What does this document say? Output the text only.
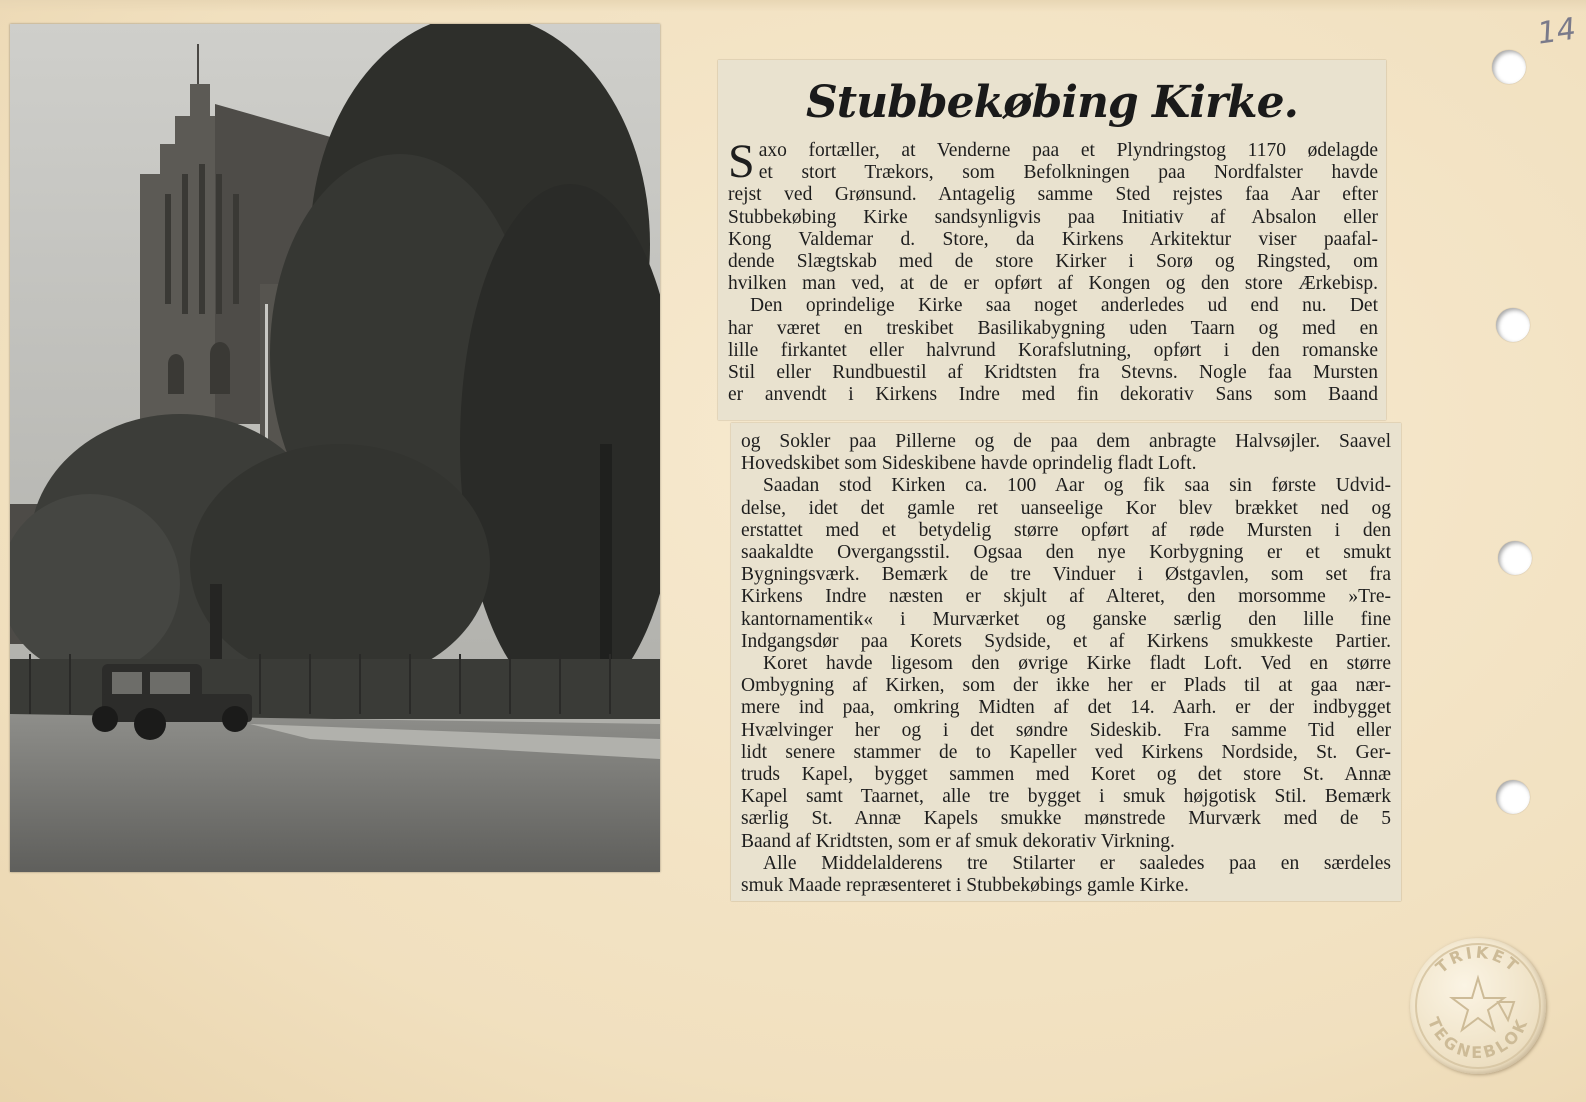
14
Stubbekøbing Kirke.
S axo fortæller, at Venderne paa et Plyndringstog 1170 ødelagde
et stort Trækors, som Befolkningen paa Nordfalster havde
rejst ved Grønsund. Antagelig samme Sted rejstes faa Aar efter
Stubbekøbing Kirke sandsynligvis paa Initiativ af Absalon eller
Kong Valdemar d. Store, da Kirkens Arkitektur viser paafal-
dende Slægtskab med de store Kirker i Sorø og Ringsted, om
hvilken man ved, at de er opført af Kongen og den store Ærkebisp.
Den oprindelige Kirke saa noget anderledes ud end nu. Det
har været en treskibet Basilikabygning uden Taarn og med en
lille firkantet eller halvrund Korafslutning, opført i den romanske
Stil eller Rundbuestil af Kridtsten fra Stevns. Nogle faa Mursten
er anvendt i Kirkens Indre med fin dekorativ Sans som Baand
og Sokler paa Pillerne og de paa dem anbragte Halvsøjler. Saavel
Hovedskibet som Sideskibene havde oprindelig fladt Loft.
Saadan stod Kirken ca. 100 Aar og fik saa sin første Udvid-
delse, idet det gamle ret uanseelige Kor blev brækket ned og
erstattet med et betydelig større opført af røde Mursten i den
saakaldte Overgangsstil. Ogsaa den nye Korbygning er et smukt
Bygningsværk. Bemærk de tre Vinduer i Østgavlen, som set fra
Kirkens Indre næsten er skjult af Alteret, den morsomme »Tre-
kantornamentik« i Murværket og ganske særlig den lille fine
Indgangsdør paa Korets Sydside, et af Kirkens smukkeste Partier.
Koret havde ligesom den øvrige Kirke fladt Loft. Ved en større
Ombygning af Kirken, som der ikke her er Plads til at gaa nær-
mere ind paa, omkring Midten af det 14. Aarh. er der indbygget
Hvælvinger her og i det søndre Sideskib. Fra samme Tid eller
lidt senere stammer de to Kapeller ved Kirkens Nordside, St. Ger-
truds Kapel, bygget sammen med Koret og det store St. Annæ
Kapel samt Taarnet, alle tre bygget i smuk højgotisk Stil. Bemærk
særlig St. Annæ Kapels smukke mønstrede Murværk med de 5
Baand af Kridtsten, som er af smuk dekorativ Virkning.
Alle Middelalderens tre Stilarter er saaledes paa en særdeles
smuk Maade repræsenteret i Stubbekøbings gamle Kirke.
TRIKET
TEGNEBLOK
